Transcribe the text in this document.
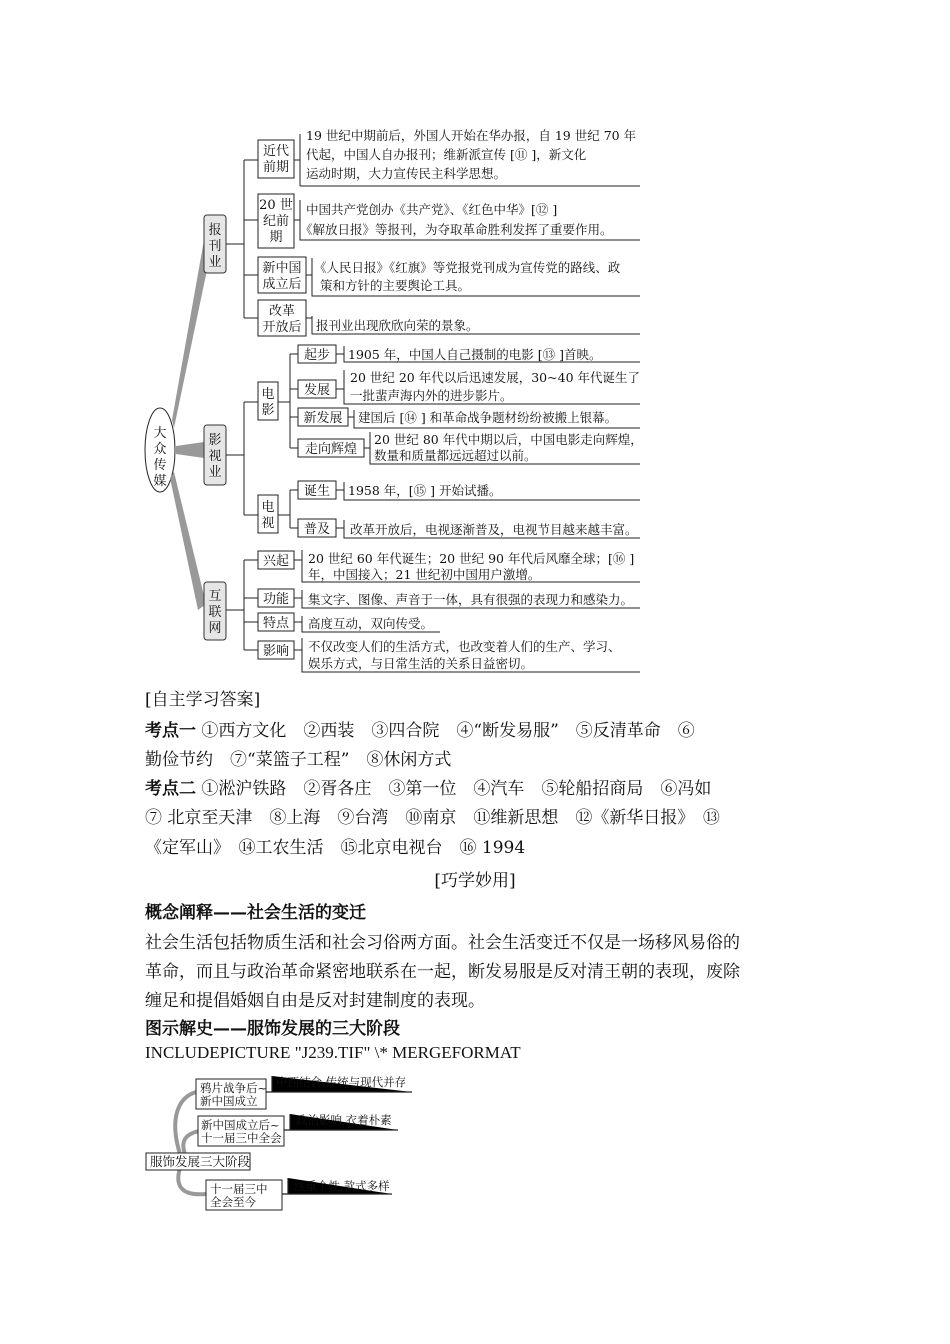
大
众
传
媒
报
刊
业
影
视
业
互
联
网
近代
前期
19 世纪中期前后，外国人开始在华办报，自 19 世纪 70 年
代起，中国人自办报刊；维新派宣传 [⑪ ]，新文化
运动时期，大力宣传民主科学思想。
20 世
纪前
期
中国共产党创办《共产党》、《红色中华》[⑫ ]
《解放日报》等报刊，为夺取革命胜利发挥了重要作用。
新中国
成立后
《人民日报》《红旗》等党报党刊成为宣传党的路线、政
策和方针的主要舆论工具。
改革
开放后 报刊业出现欣欣向荣的景象。
电
影
起步 1905 年，中国人自己摄制的电影 [⑬ ]首映。
发展
20 世纪 20 年代以后迅速发展，30~40 年代诞生了
一批蜚声海内外的进步影片。
新发展 建国后 [⑭ ] 和革命战争题材纷纷被搬上银幕。
走向辉煌
20 世纪 80 年代中期以后，中国电影走向辉煌，
数量和质量都远远超过以前。
电
视
诞生 1958 年，[⑮ ] 开始试播。
普及 改革开放后，电视逐渐普及，电视节目越来越丰富。
兴起 20 世纪 60 年代诞生；20 世纪 90 年代后风靡全球；[⑯ ]
年，中国接入；21 世纪初中国用户激增。
功能 集文字、图像、声音于一体，具有很强的表现力和感染力。
特点 高度互动，双向传受。
影响 不仅改变人们的生活方式，也改变着人们的生产、学习、
娱乐方式，与日常生活的关系日益密切。
[自主学习答案]
考点一 ①西方文化　②西装　③四合院　④“断发易服”　⑤反清革命　⑥
勤俭节约　⑦“菜篮子工程”　⑧休闲方式
考点二 ①淞沪铁路　②胥各庄　③第一位　④汽车　⑤轮船招商局　⑥冯如
⑦ 北京至天津　⑧上海　⑨台湾　⑩南京　⑪维新思想　⑫《新华日报》　⑬
《定军山》　⑭工农生活　⑮北京电视台　⑯ 1994
[巧学妙用]
概念阐释——社会生活的变迁
社会生活包括物质生活和社会习俗两方面。社会生活变迁不仅是一场移风易俗的
革命，而且与政治革命紧密地联系在一起，断发易服是反对清王朝的表现，废除
缠足和提倡婚姻自由是反对封建制度的表现。
图示解史——服饰发展的三大阶段
INCLUDEPICTURE "J239.TIF" \* MERGEFORMAT
服饰发展三大阶段
鸦片战争后~
新中国成立
中西结合,传统与现代并存
新中国成立后~
十一届三中全会
政治影响,衣着朴素
十一届三中
全会至今
注重个性,款式多样
